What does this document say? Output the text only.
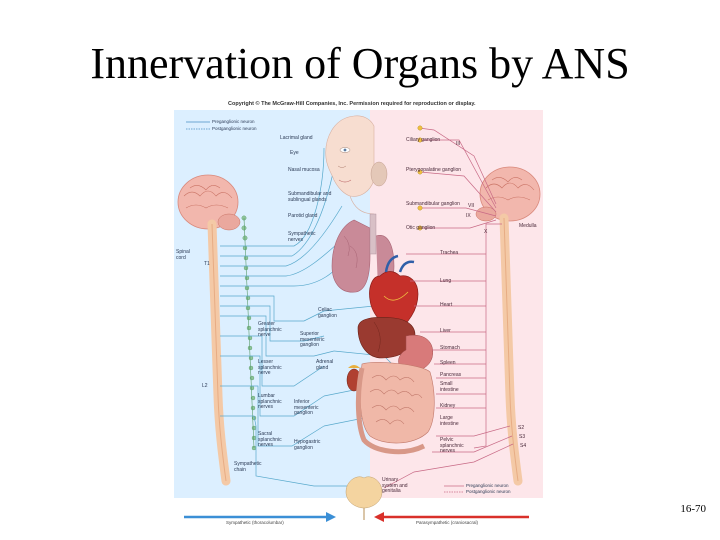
Innervation of Organs by ANS
Copyright © The McGraw-Hill Companies, Inc. Permission required for reproduction or display.
Preganglionic neuron
Postganglionic neuron
Lacrimal gland	Ciliary ganglion
Eye
Nasal mucosa	Pterygopalatine ganglion
Submandibular and sublingual glands
Parotid gland
Submandibular ganglion
Otic ganglion
Sympathetic nerves
Medulla
Spinal cord
T1
Trachea
Lung
Heart
Celiac ganglion
Greater splanchnic nerve	Superior mesenteric ganglion
Liver
Stomach
Lesser splanchnic nerve
Adrenal gland
Spleen
Pancreas
Small intestine
L2
Lumbar splanchnic nerves
Inferior mesenteric ganglion
Kidney
Large intestine
Sacral splanchnic nerves	Hypogastric ganglion
Pelvic splanchnic nerves
Sympathetic chain
Urinary system and genitalia
III
VII
IX
X
S2
S3
S4
Preganglionic neuron
Postganglionic neuron
Sympathetic (thoracolumbar)	Parasympathetic (craniosacral)
16-70
